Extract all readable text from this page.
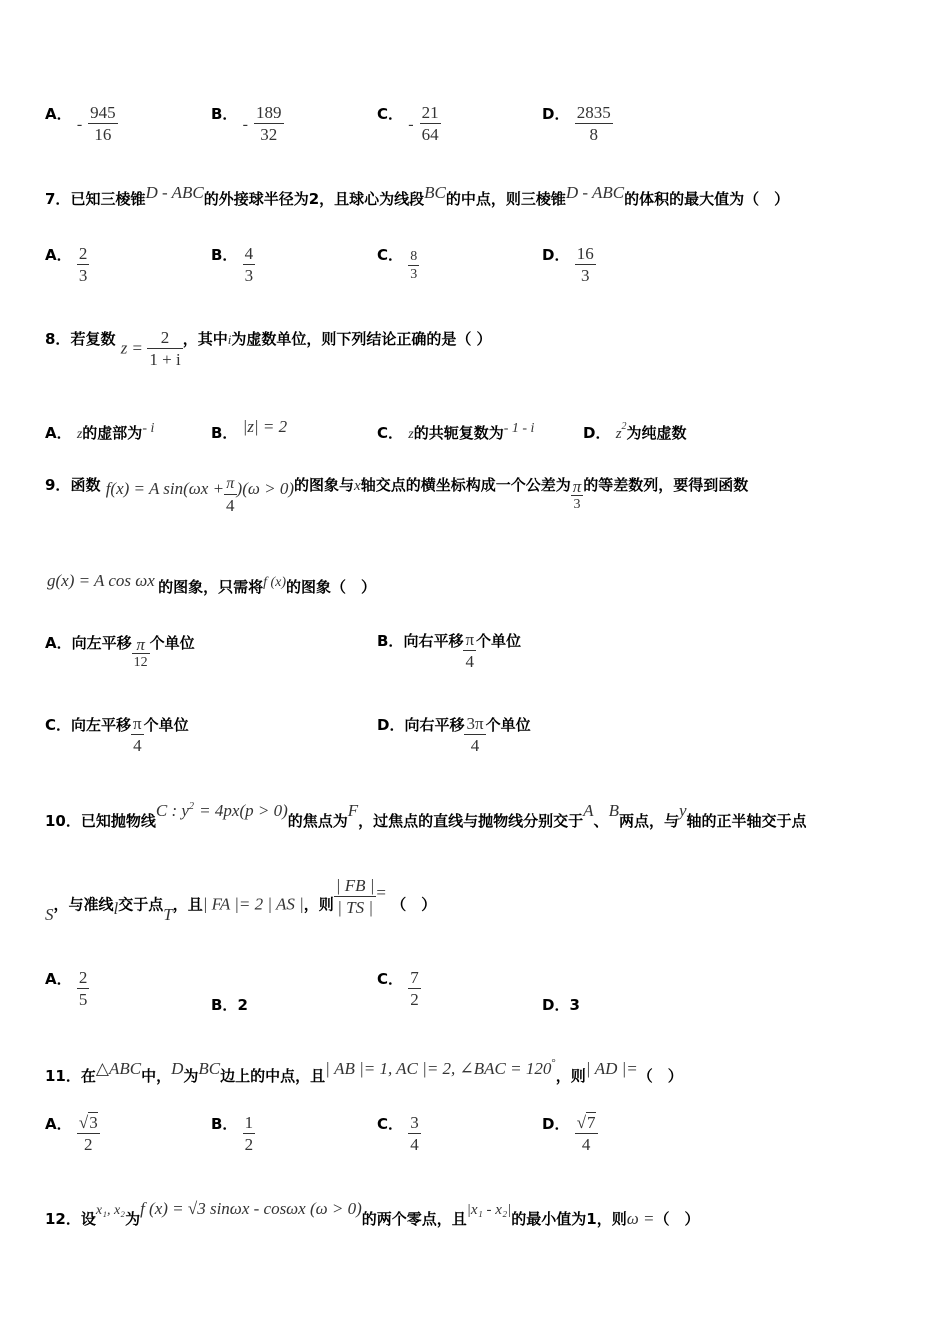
A． - $\frac{945}{16}$	B． - $\frac{189}{32}$	C． - $\frac{21}{64}$	D． $\frac{2835}{8}$
7．已知三棱锥D - ABC的外接球半径为2，且球心为线段BC的中点，则三棱锥D - ABC的体积的最大值为（　）
A． $\frac{2}{3}$	B． $\frac{4}{3}$	C． $\frac{8}{3}$	D． $\frac{16}{3}$
8．若复数 $z = \frac{2}{1 + i}$ ，其中i为虚数单位，则下列结论正确的是（ ）
A． z的虚部为- i	B． |z| = 2	C． z的共轭复数为- 1 - i	D． $z^2$为纯虚数
9．函数 f(x) = A $\sin(\omega x + \frac{\pi}{4} )(\omega > 0)$的图象与x轴交点的横坐标构成一个公差为 $\frac{\pi}{3}$ 的等差数列，要得到函数
g(x) = A cos ωx 的图象，只需将f (x)的图象（　）
A．向左平移 $\frac{\pi}{12}$ 个单位	B．向右平移 $\frac{\pi}{4}$ 个单位
C．向左平移 $\frac{\pi}{4}$ 个单位	D．向右平移 $\frac{3\pi}{4}$ 个单位
10．已知抛物线C : $y^2 = 4px(p > 0)$的焦点为F，过焦点的直线与抛物线分别交于A、B两点，与y轴的正半轴交于点
S，与准线l交于点T，且| FA |= 2 | AS |，则 $\frac{| FB |}{| TS |}$ = （　）
A． $\frac{2}{5}$	B．2
C． $\frac{7}{2}$	D．3
11．在△ABC中，D为BC边上的中点，且| AB |= 1, AC |= 2, ∠BAC = 120°，则| AD |=（　）
A． $\frac{√3}{2}$	B． $\frac{1}{2}$	C． $\frac{3}{4}$	D． $\frac{√7}{4}$
12．设x₁, x₂为f (x) = √3 sinωx - cosωx (ω > 0)的两个零点，且|x₁ - x₂|的最小值为1，则ω =（　）
